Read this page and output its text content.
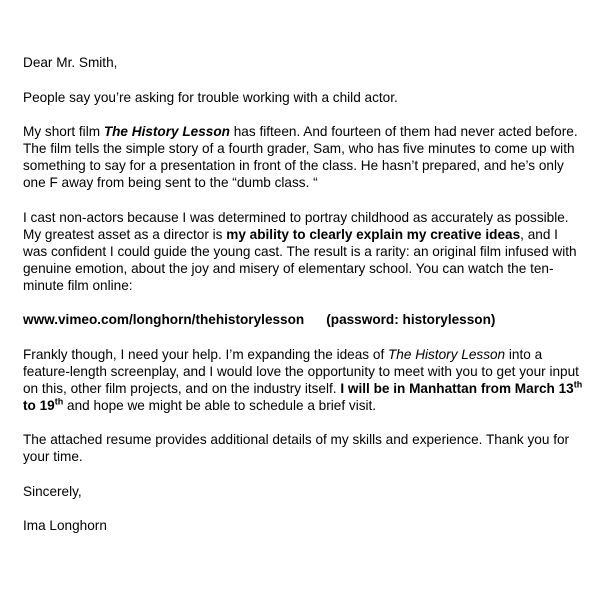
Dear Mr. Smith,

People say you’re asking for trouble working with a child actor.

My short film The History Lesson has fifteen. And fourteen of them had never acted before. The film tells the simple story of a fourth grader, Sam, who has five minutes to come up with something to say for a presentation in front of the class. He hasn’t prepared, and he’s only one F away from being sent to the “dumb class. “

I cast non-actors because I was determined to portray childhood as accurately as possible. My greatest asset as a director is my ability to clearly explain my creative ideas, and I was confident I could guide the young cast. The result is a rarity: an original film infused with genuine emotion, about the joy and misery of elementary school. You can watch the ten-minute film online:

www.vimeo.com/longhorn/thehistorylesson (password: historylesson)

Frankly though, I need your help. I’m expanding the ideas of The History Lesson into a feature-length screenplay, and I would love the opportunity to meet with you to get your input on this, other film projects, and on the industry itself. I will be in Manhattan from March 13th to 19th and hope we might be able to schedule a brief visit.

The attached resume provides additional details of my skills and experience. Thank you for your time.

Sincerely,

Ima Longhorn
